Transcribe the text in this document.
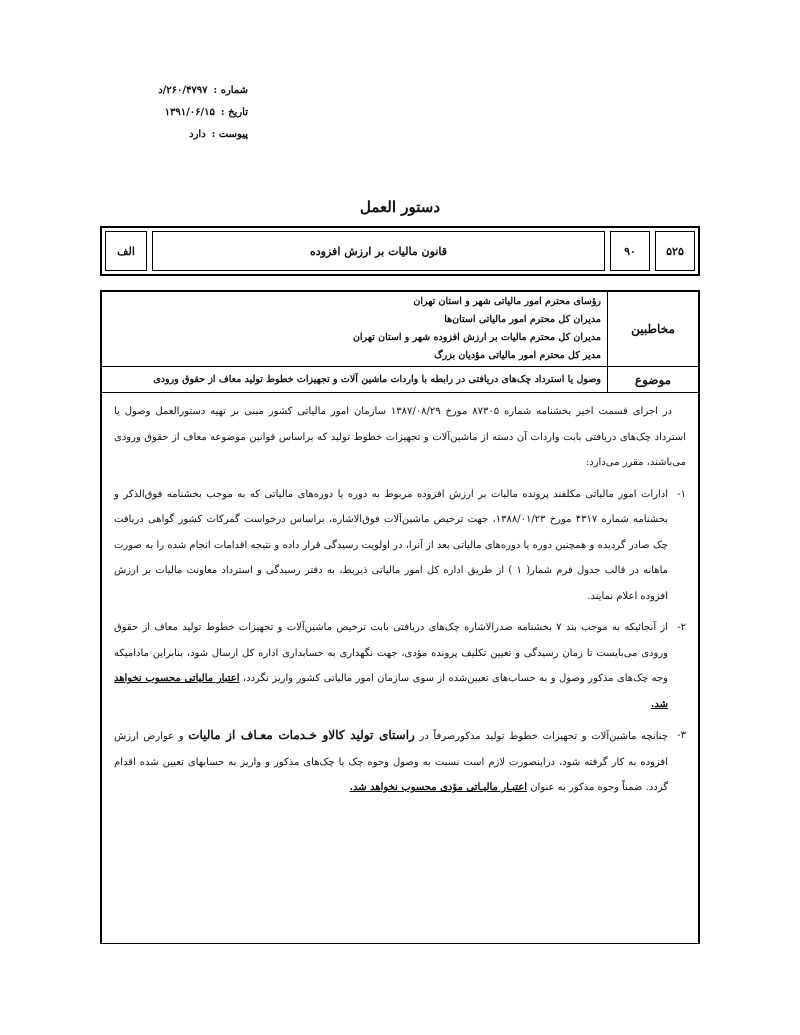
شماره :
۲۶۰/۴۷۹۷/د
تاریخ :
۱۳۹۱/۰۶/۱۵
پیوست :
دارد
دستور العمل
۵۲۵
۹۰
قانون مالیات بر ارزش افزوده
الف
مخاطبین
رؤسای محترم امور مالیاتی شهر و استان تهران
مدیران کل محترم امور مالیاتی استان‌ها
مدیران کل محترم مالیات بر ارزش افزوده شهر و استان تهران
مدیر کل محترم امور مالیاتی مؤدیان بزرگ
موضوع
وصول یا استرداد چک‌های دریافتی در رابطه با واردات ماشین آلات و تجهیزات خطوط تولید معاف از حقوق ورودی

در اجرای قسمت اخیر بخشنامه شماره ۸۷۳۰۵ مورخ ۱۳۸۷/۰۸/۲۹ سازمان امور مالیاتی کشور مبنی بر تهیه دستورالعمل وصول یا استرداد چک‌های دریافتی بابت واردات آن دسته از ماشین‌آلات و تجهیزات خطوط تولید که براساس قوانین موضوعه معاف از حقوق ورودی می‌باشند، مقرر می‌دارد:

۱-
ادارات امور مالیاتی مکلفند پرونده مالیات بر ارزش افزوده مربوط به دوره یا دوره‌های مالیاتی که به موجب بخشنامه فوق‌الذکر و بخشنامه شماره ۴۳۱۷ مورخ ۱۳۸۸/۰۱/۲۳، جهت ترخیص ماشین‌آلات فوق‌الاشاره، براساس درخواست گمرکات کشور گواهی دریافت چک صادر گردیده و همچنین دوره یا دوره‌های مالیاتی بعد از آنرا، در اولویت رسیدگی قرار داده و نتیجه اقدامات انجام شده را به صورت ماهانه در قالب جدول فرم شمار( ۱ ) از طریق اداره کل امور مالیاتی ذیربط، به دفتر رسیدگی و استرداد معاونت مالیات بر ارزش افزوده اعلام نمایند.

۲-
از آنجائیکه به موجب بند ۷ بخشنامه صدرالاشاره چک‌های دریافتی بابت ترخیص ماشین‌آلات و تجهیزات خطوط تولید معاف از حقوق ورودی می‌بایست تا زمان رسیدگی و تعیین تکلیف پرونده مؤدی، جهت نگهداری به حسابداری اداره کل ارسال شود، بنابراین مادامیکه وجه چک‌های مذکور وصول و به حساب‌های تعیین‌شده از سوی سازمان امور مالیاتی کشور واریز نگردد، اعتبار مالیاتی محسوب نخواهد شد.

۳-
چنانچه ماشین‌آلات و تجهیزات خطوط تولید مذکورصرفاً در راستای تولید کالاو خـدمات معـاف از مالیات و عوارض ارزش افزوده به کار گرفته شود، دراینصورت لازم است نسبت به وصول وجوه چک یا چک‌های مذکور و واریز به حسابهای تعیین شده اقدام گردد. ضمناً وجوه مذکور به عنوان اعتبـار مالیـاتی مؤدی محسوب نخواهد شد.
